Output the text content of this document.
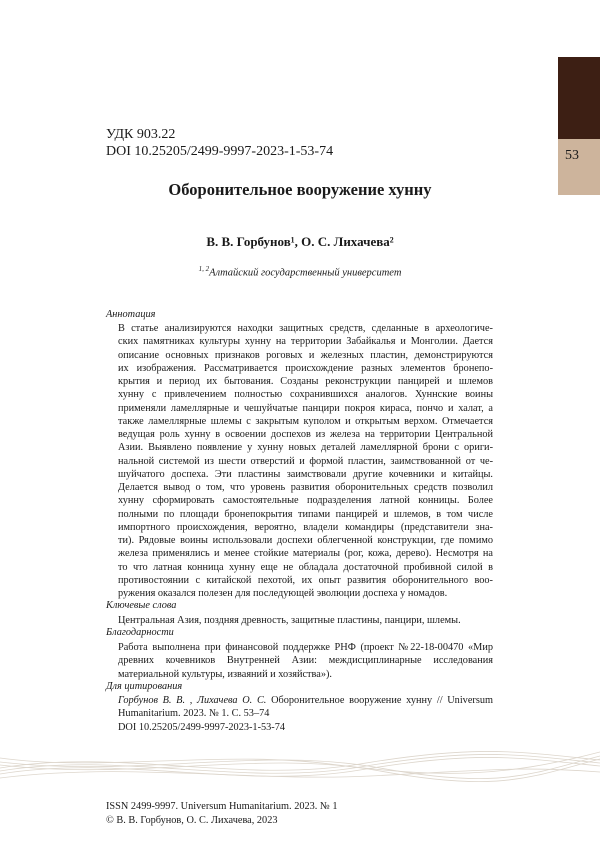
53
УДК 903.22
DOI 10.25205/2499-9997-2023-1-53-74
Оборонительное вооружение хунну
В. В. Горбунов¹, О. С. Лихачева²
$^{1, 2}$Алтайский государственный университет
Аннотация
В статье анализируются находки защитных средств, сделанные в археологиче-
ских памятниках культуры хунну на территории Забайкалья и Монголии. Дается
описание основных признаков роговых и железных пластин, демонстрируются
их изображения. Рассматривается происхождение разных элементов бронепо-
крытия и период их бытования. Созданы реконструкции панцирей и шлемов
хунну с привлечением полностью сохранившихся аналогов. Хуннские воины
применяли ламеллярные и чешуйчатые панцири покроя кираса, пончо и халат, а
также ламеллярные шлемы с закрытым куполом и открытым верхом. Отмечается
ведущая роль хунну в освоении доспехов из железа на территории Центральной
Азии. Выявлено появление у хунну новых деталей ламеллярной брони с ориги-
нальной системой из шести отверстий и формой пластин, заимствованной от че-
шуйчатого доспеха. Эти пластины заимствовали другие кочевники и китайцы.
Делается вывод о том, что уровень развития оборонительных средств позволил
хунну сформировать самостоятельные подразделения латной конницы. Более
полными по площади бронепокрытия типами панцирей и шлемов, в том числе
импортного происхождения, вероятно, владели командиры (представители зна-
ти). Рядовые воины использовали доспехи облегченной конструкции, где помимо
железа применялись и менее стойкие материалы (рог, кожа, дерево). Несмотря на
то что латная конница хунну еще не обладала достаточной пробивной силой в
противостоянии с китайской пехотой, их опыт развития оборонительного воо-
ружения оказался полезен для последующей эволюции доспеха у номадов.
Ключевые слова
Центральная Азия, поздняя древность, защитные пластины, панцири, шлемы.
Благодарности
Работа выполнена при финансовой поддержке РНФ (проект №22-18-00470 «Мир
древних кочевников Внутренней Азии: междисциплинарные исследования
материальной культуры, изваяний и хозяйства»).
Для цитирования
Горбунов В. В. , Лихачева О. С. Оборонительное вооружение хунну // Universum
Humanitarium. 2023. № 1. С. 53–74
DOI 10.25205/2499-9997-2023-1-53-74
ISSN 2499-9997. Universum Humanitarium. 2023. № 1
© В. В. Горбунов, О. С. Лихачева, 2023
